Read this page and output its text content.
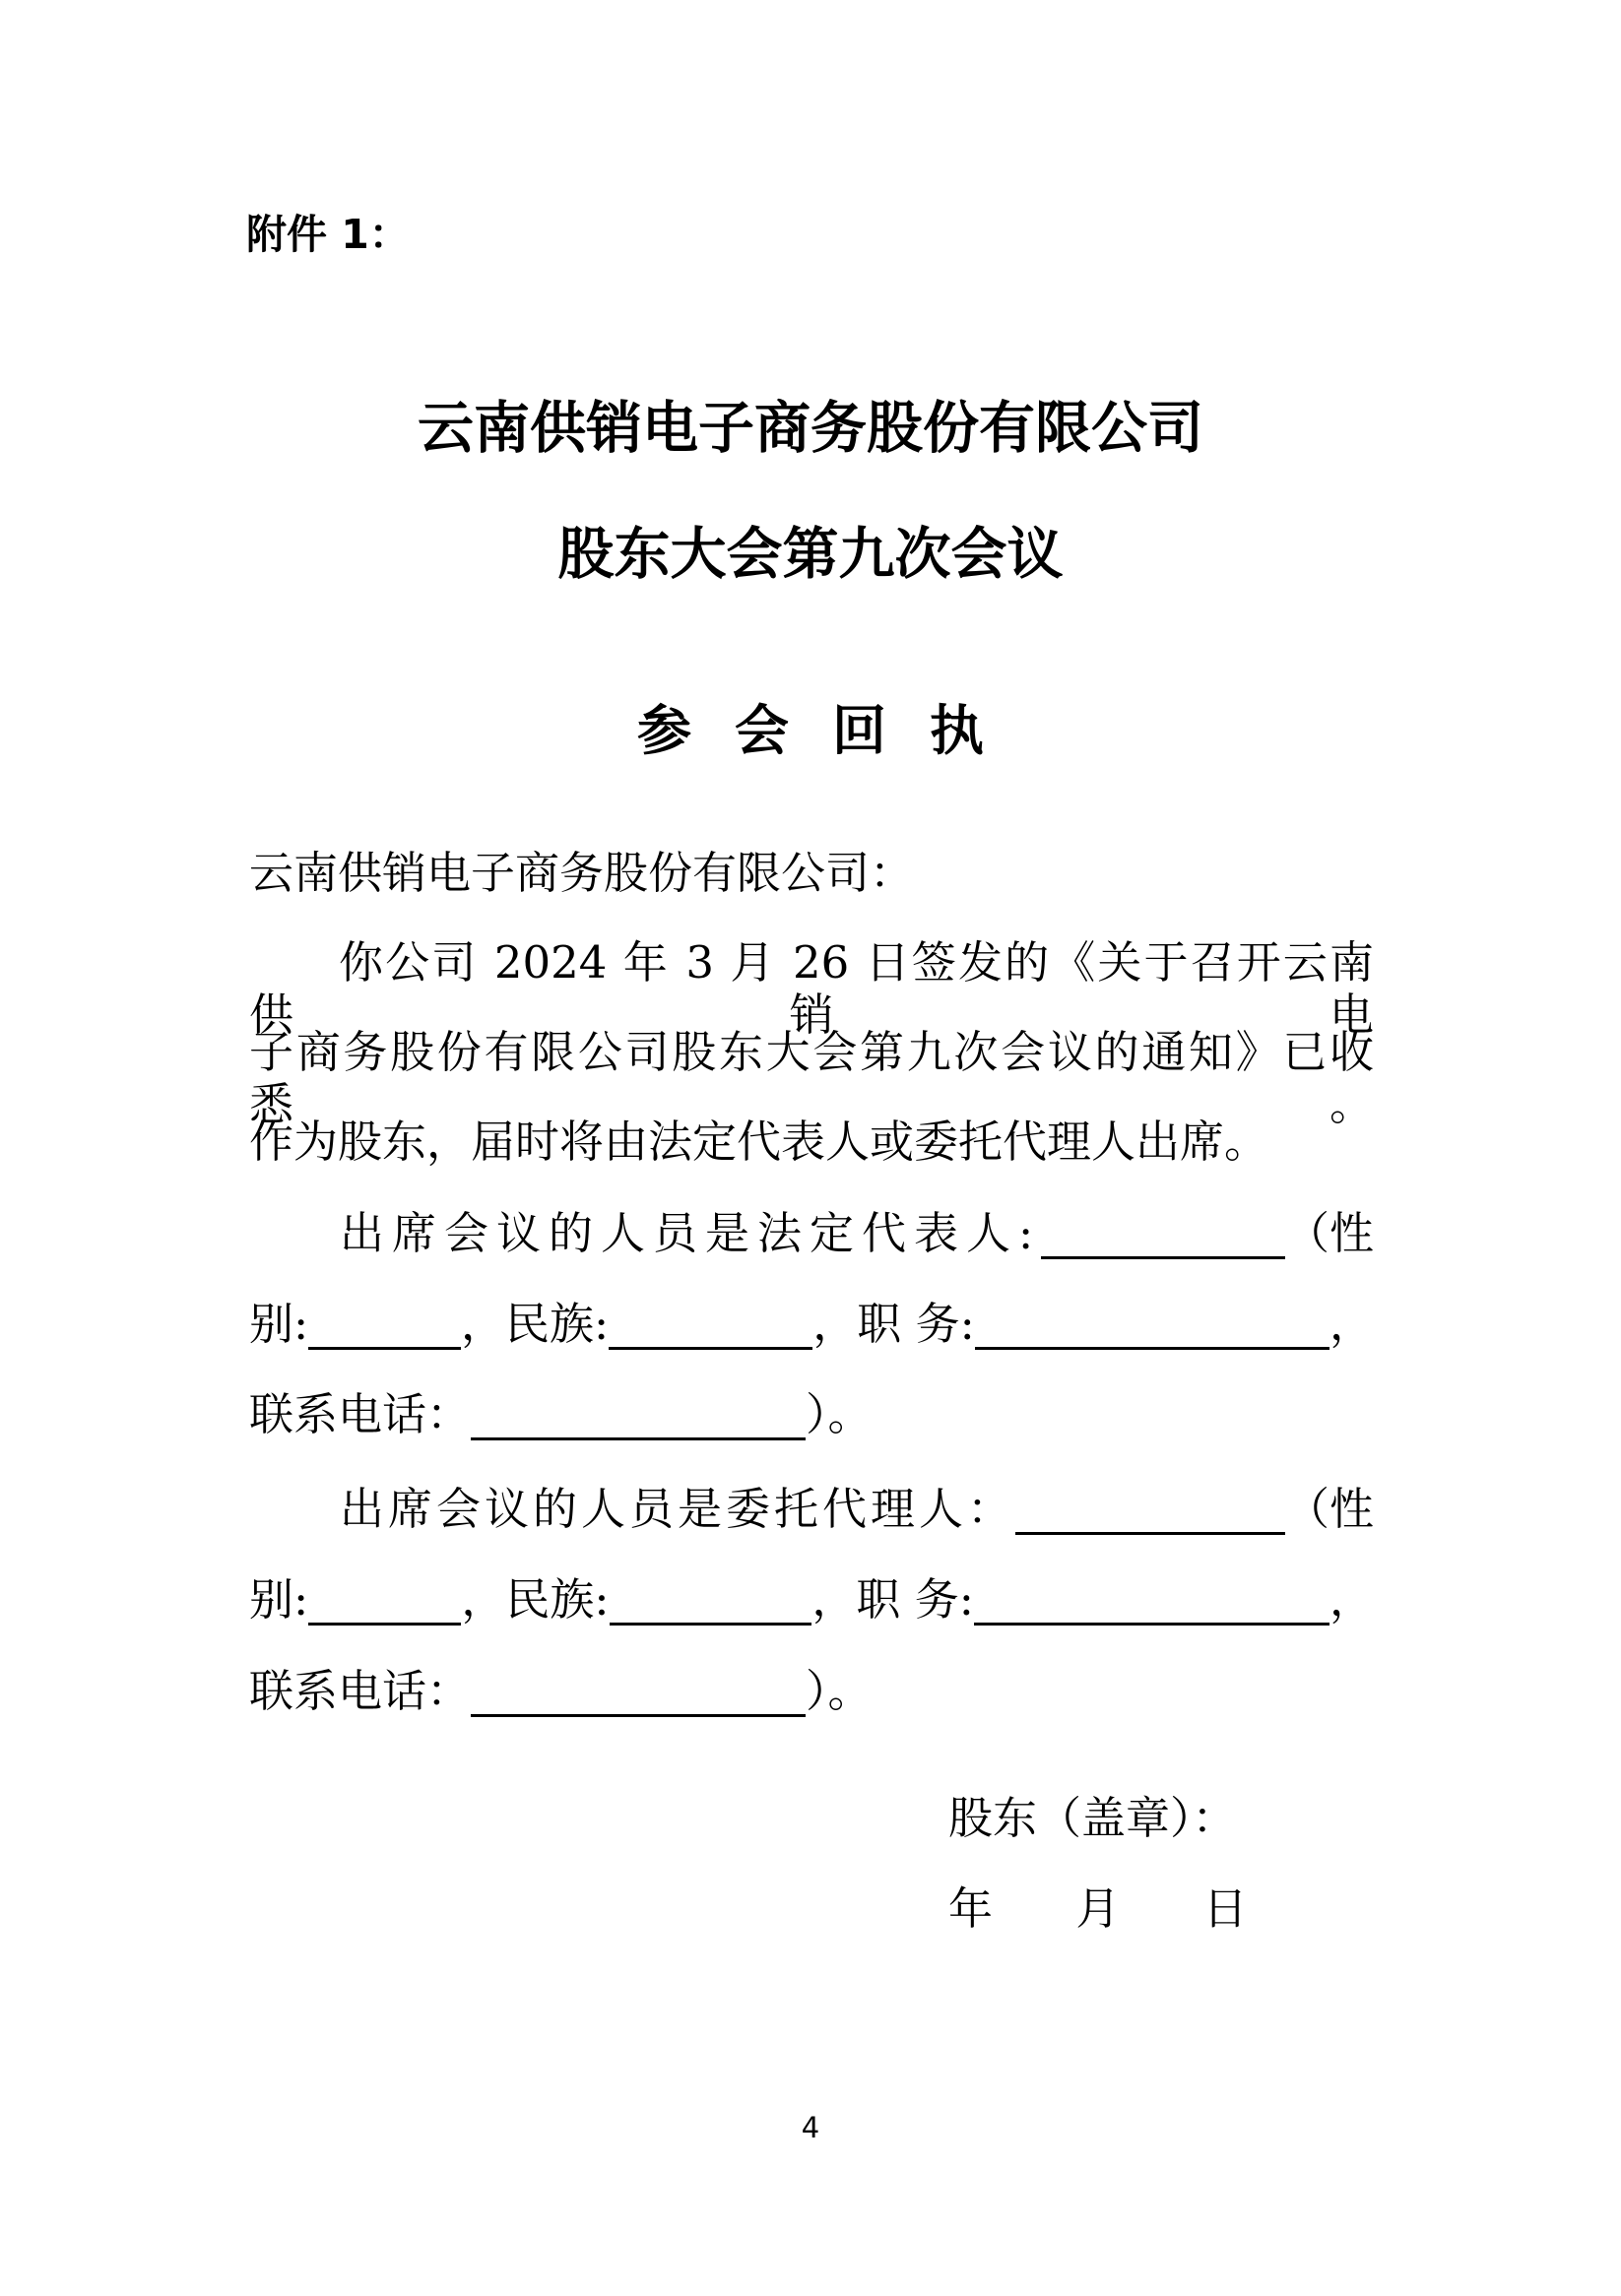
附件 1：
云南供销电子商务股份有限公司
股东大会第九次会议
参会回执
云南供销电子商务股份有限公司：
你公司 2024 年 3 月 26 日签发的《关于召开云南供销电
子商务股份有限公司股东大会第九次会议的通知》已收悉。
作为股东，届时将由法定代表人或委托代理人出席。
出席会议的人员是法定代表人:	（性
别:	，民族:	，职 务:	，
联系电话：	）。
出席会议的人员是委托代理人：	（性
别:	，民族:	，职 务:	，
联系电话：	）。
股东（盖章）：
年 月 日
4
